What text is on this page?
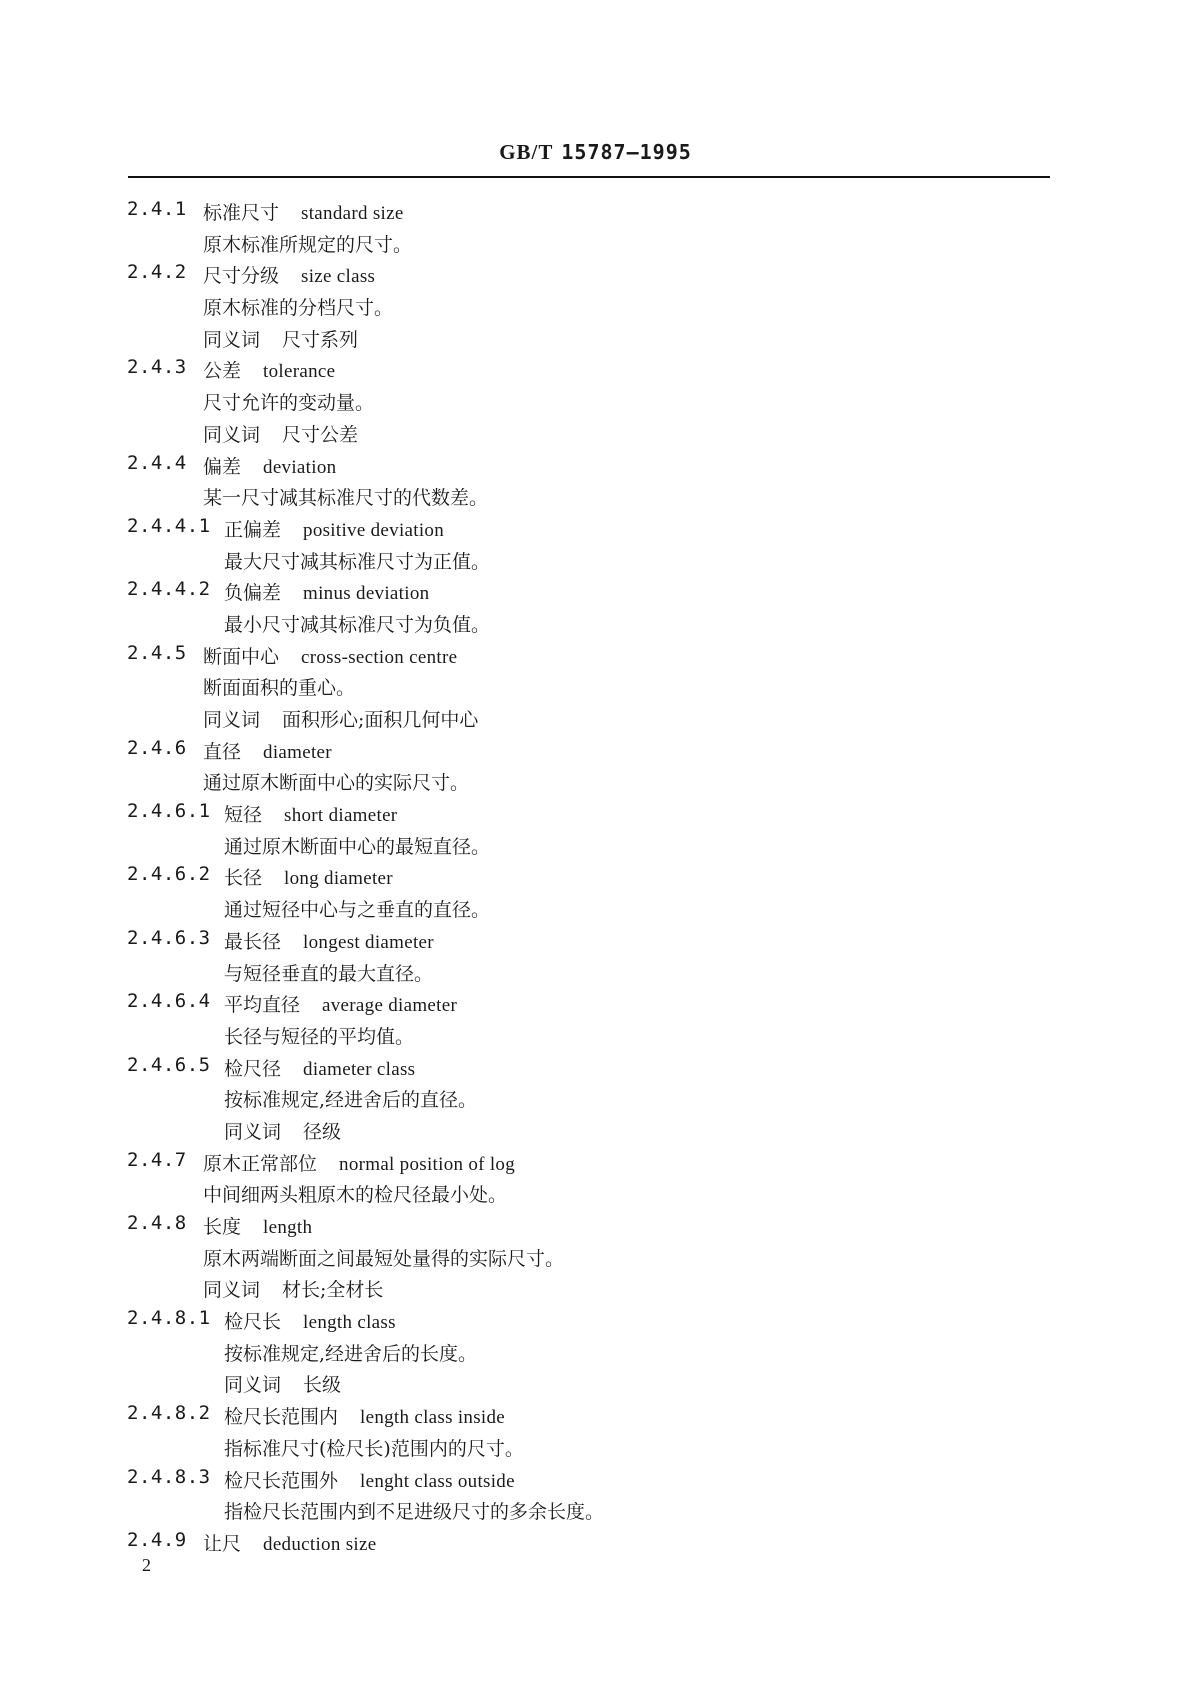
GB/T 15787—1995
2.4.1 标准尺寸 standard size
原木标准所规定的尺寸。
2.4.2 尺寸分级 size class
原木标准的分档尺寸。
同义词 尺寸系列
2.4.3 公差 tolerance
尺寸允许的变动量。
同义词 尺寸公差
2.4.4 偏差 deviation
某一尺寸减其标准尺寸的代数差。
2.4.4.1 正偏差 positive deviation
最大尺寸减其标准尺寸为正值。
2.4.4.2 负偏差 minus deviation
最小尺寸减其标准尺寸为负值。
2.4.5 断面中心 cross-section centre
断面面积的重心。
同义词 面积形心;面积几何中心
2.4.6 直径 diameter
通过原木断面中心的实际尺寸。
2.4.6.1 短径 short diameter
通过原木断面中心的最短直径。
2.4.6.2 长径 long diameter
通过短径中心与之垂直的直径。
2.4.6.3 最长径 longest diameter
与短径垂直的最大直径。
2.4.6.4 平均直径 average diameter
长径与短径的平均值。
2.4.6.5 检尺径 diameter class
按标准规定,经进舍后的直径。
同义词 径级
2.4.7 原木正常部位 normal position of log
中间细两头粗原木的检尺径最小处。
2.4.8 长度 length
原木两端断面之间最短处量得的实际尺寸。
同义词 材长;全材长
2.4.8.1 检尺长 length class
按标准规定,经进舍后的长度。
同义词 长级
2.4.8.2 检尺长范围内 length class inside
指标准尺寸(检尺长)范围内的尺寸。
2.4.8.3 检尺长范围外 lenght class outside
指检尺长范围内到不足进级尺寸的多余长度。
2.4.9 让尺 deduction size
2
